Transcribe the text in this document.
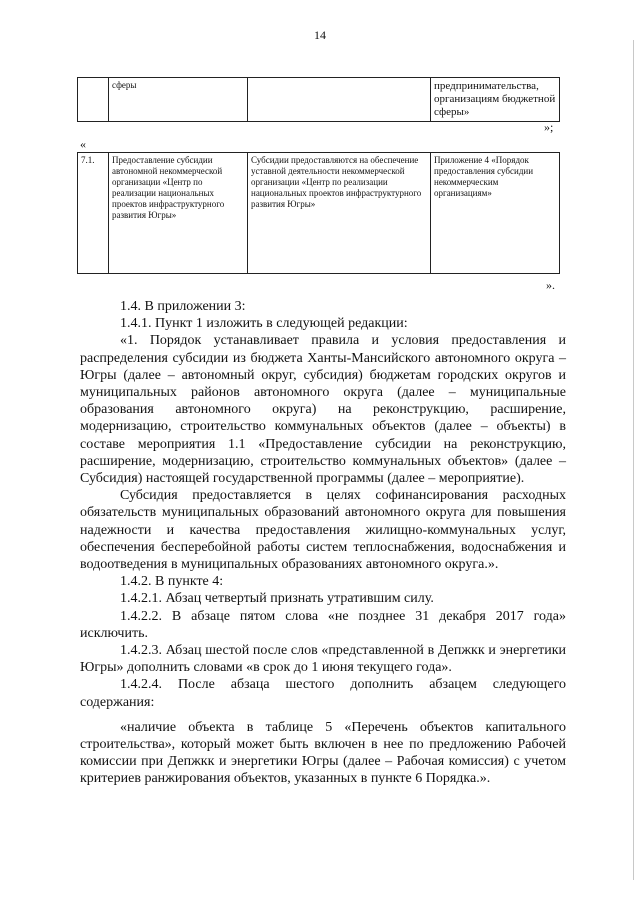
14
	сферы		предпринимательства, организациям бюджетной сферы»
»;
«
7.1.	Предоставление субсидии автономной некоммерческой организации «Центр по реализации национальных проектов инфраструктурного развития Югры»	Субсидии предоставляются на обеспечение уставной деятельности некоммерческой организации «Центр по реализации национальных проектов инфраструктурного развития Югры»	Приложение 4 «Порядок предоставления субсидии некоммерческим организациям»
».

1.4. В приложении 3:

1.4.1. Пункт 1 изложить в следующей редакции:

«1. Порядок устанавливает правила и условия предоставления и распределения субсидии из бюджета Ханты-Мансийского автономного округа – Югры (далее – автономный округ, субсидия) бюджетам городских округов и муниципальных районов автономного округа (далее – муниципальные образования автономного округа) на реконструкцию, расширение, модернизацию, строительство коммунальных объектов (далее – объекты) в составе мероприятия 1.1 «Предоставление субсидии на реконструкцию, расширение, модернизацию, строительство коммунальных объектов» (далее – Субсидия) настоящей государственной программы (далее – мероприятие).

Субсидия предоставляется в целях софинансирования расходных обязательств муниципальных образований автономного округа для повышения надежности и качества предоставления жилищно-коммунальных услуг, обеспечения бесперебойной работы систем теплоснабжения, водоснабжения и водоотведения в муниципальных образованиях автономного округа.».

1.4.2. В пункте 4:

1.4.2.1. Абзац четвертый признать утратившим силу.

1.4.2.2. В абзаце пятом слова «не позднее 31 декабря 2017 года» исключить.

1.4.2.3. Абзац шестой после слов «представленной в Депжкк и энергетики Югры» дополнить словами «в срок до 1 июня текущего года».

1.4.2.4. После абзаца шестого дополнить абзацем следующего содержания:

«наличие объекта в таблице 5 «Перечень объектов капитального строительства», который может быть включен в нее по предложению Рабочей комиссии при Депжкк и энергетики Югры (далее – Рабочая комиссия) с учетом критериев ранжирования объектов, указанных в пункте 6 Порядка.».
